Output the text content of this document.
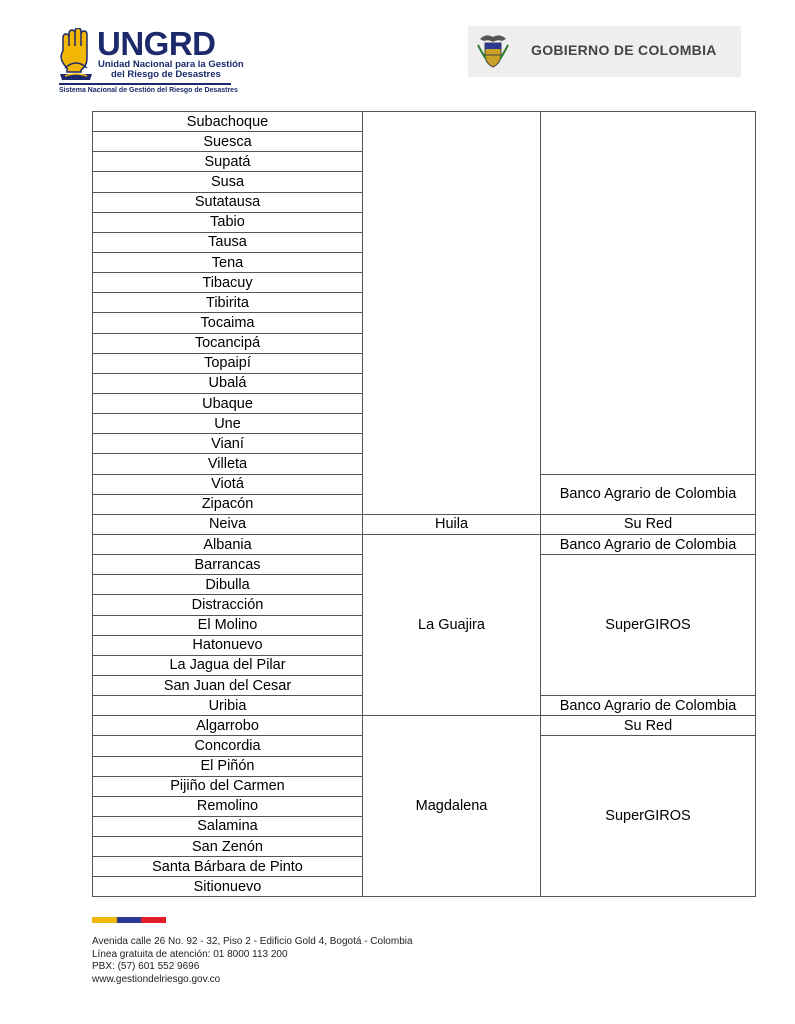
UNGRD
Unidad Nacional para la Gestión
del Riesgo de Desastres
Sistema Nacional de Gestión del Riesgo de Desastres
GOBIERNO DE COLOMBIA
Subachoque		
Suesca		
Supatá		
Susa		
Sutatausa		
Tabio		
Tausa		
Tena		
Tibacuy		
Tibirita		
Tocaima		
Tocancipá		
Topaipí		
Ubalá		
Ubaque		
Une		
Vianí		
Villeta		
Viotá		Banco Agrario de Colombia
Zipacón		
Neiva	Huila	Su Red
Albania	La Guajira	Banco Agrario de Colombia
Barrancas		SuperGIROS
Dibulla		
Distracción		
El Molino		
Hatonuevo		
La Jagua del Pilar		
San Juan del Cesar		
Uribia		Banco Agrario de Colombia
Algarrobo	Magdalena	Su Red
Concordia		SuperGIROS
El Piñón		
Pijiño del Carmen		
Remolino		
Salamina		
San Zenón		
Santa Bárbara de Pinto		
Sitionuevo		
Avenida calle 26 No. 92 - 32, Piso 2 - Edificio Gold 4, Bogotá - Colombia
Línea gratuita de atención: 01 8000 113 200
PBX: (57) 601 552 9696
www.gestiondelriesgo.gov.co
